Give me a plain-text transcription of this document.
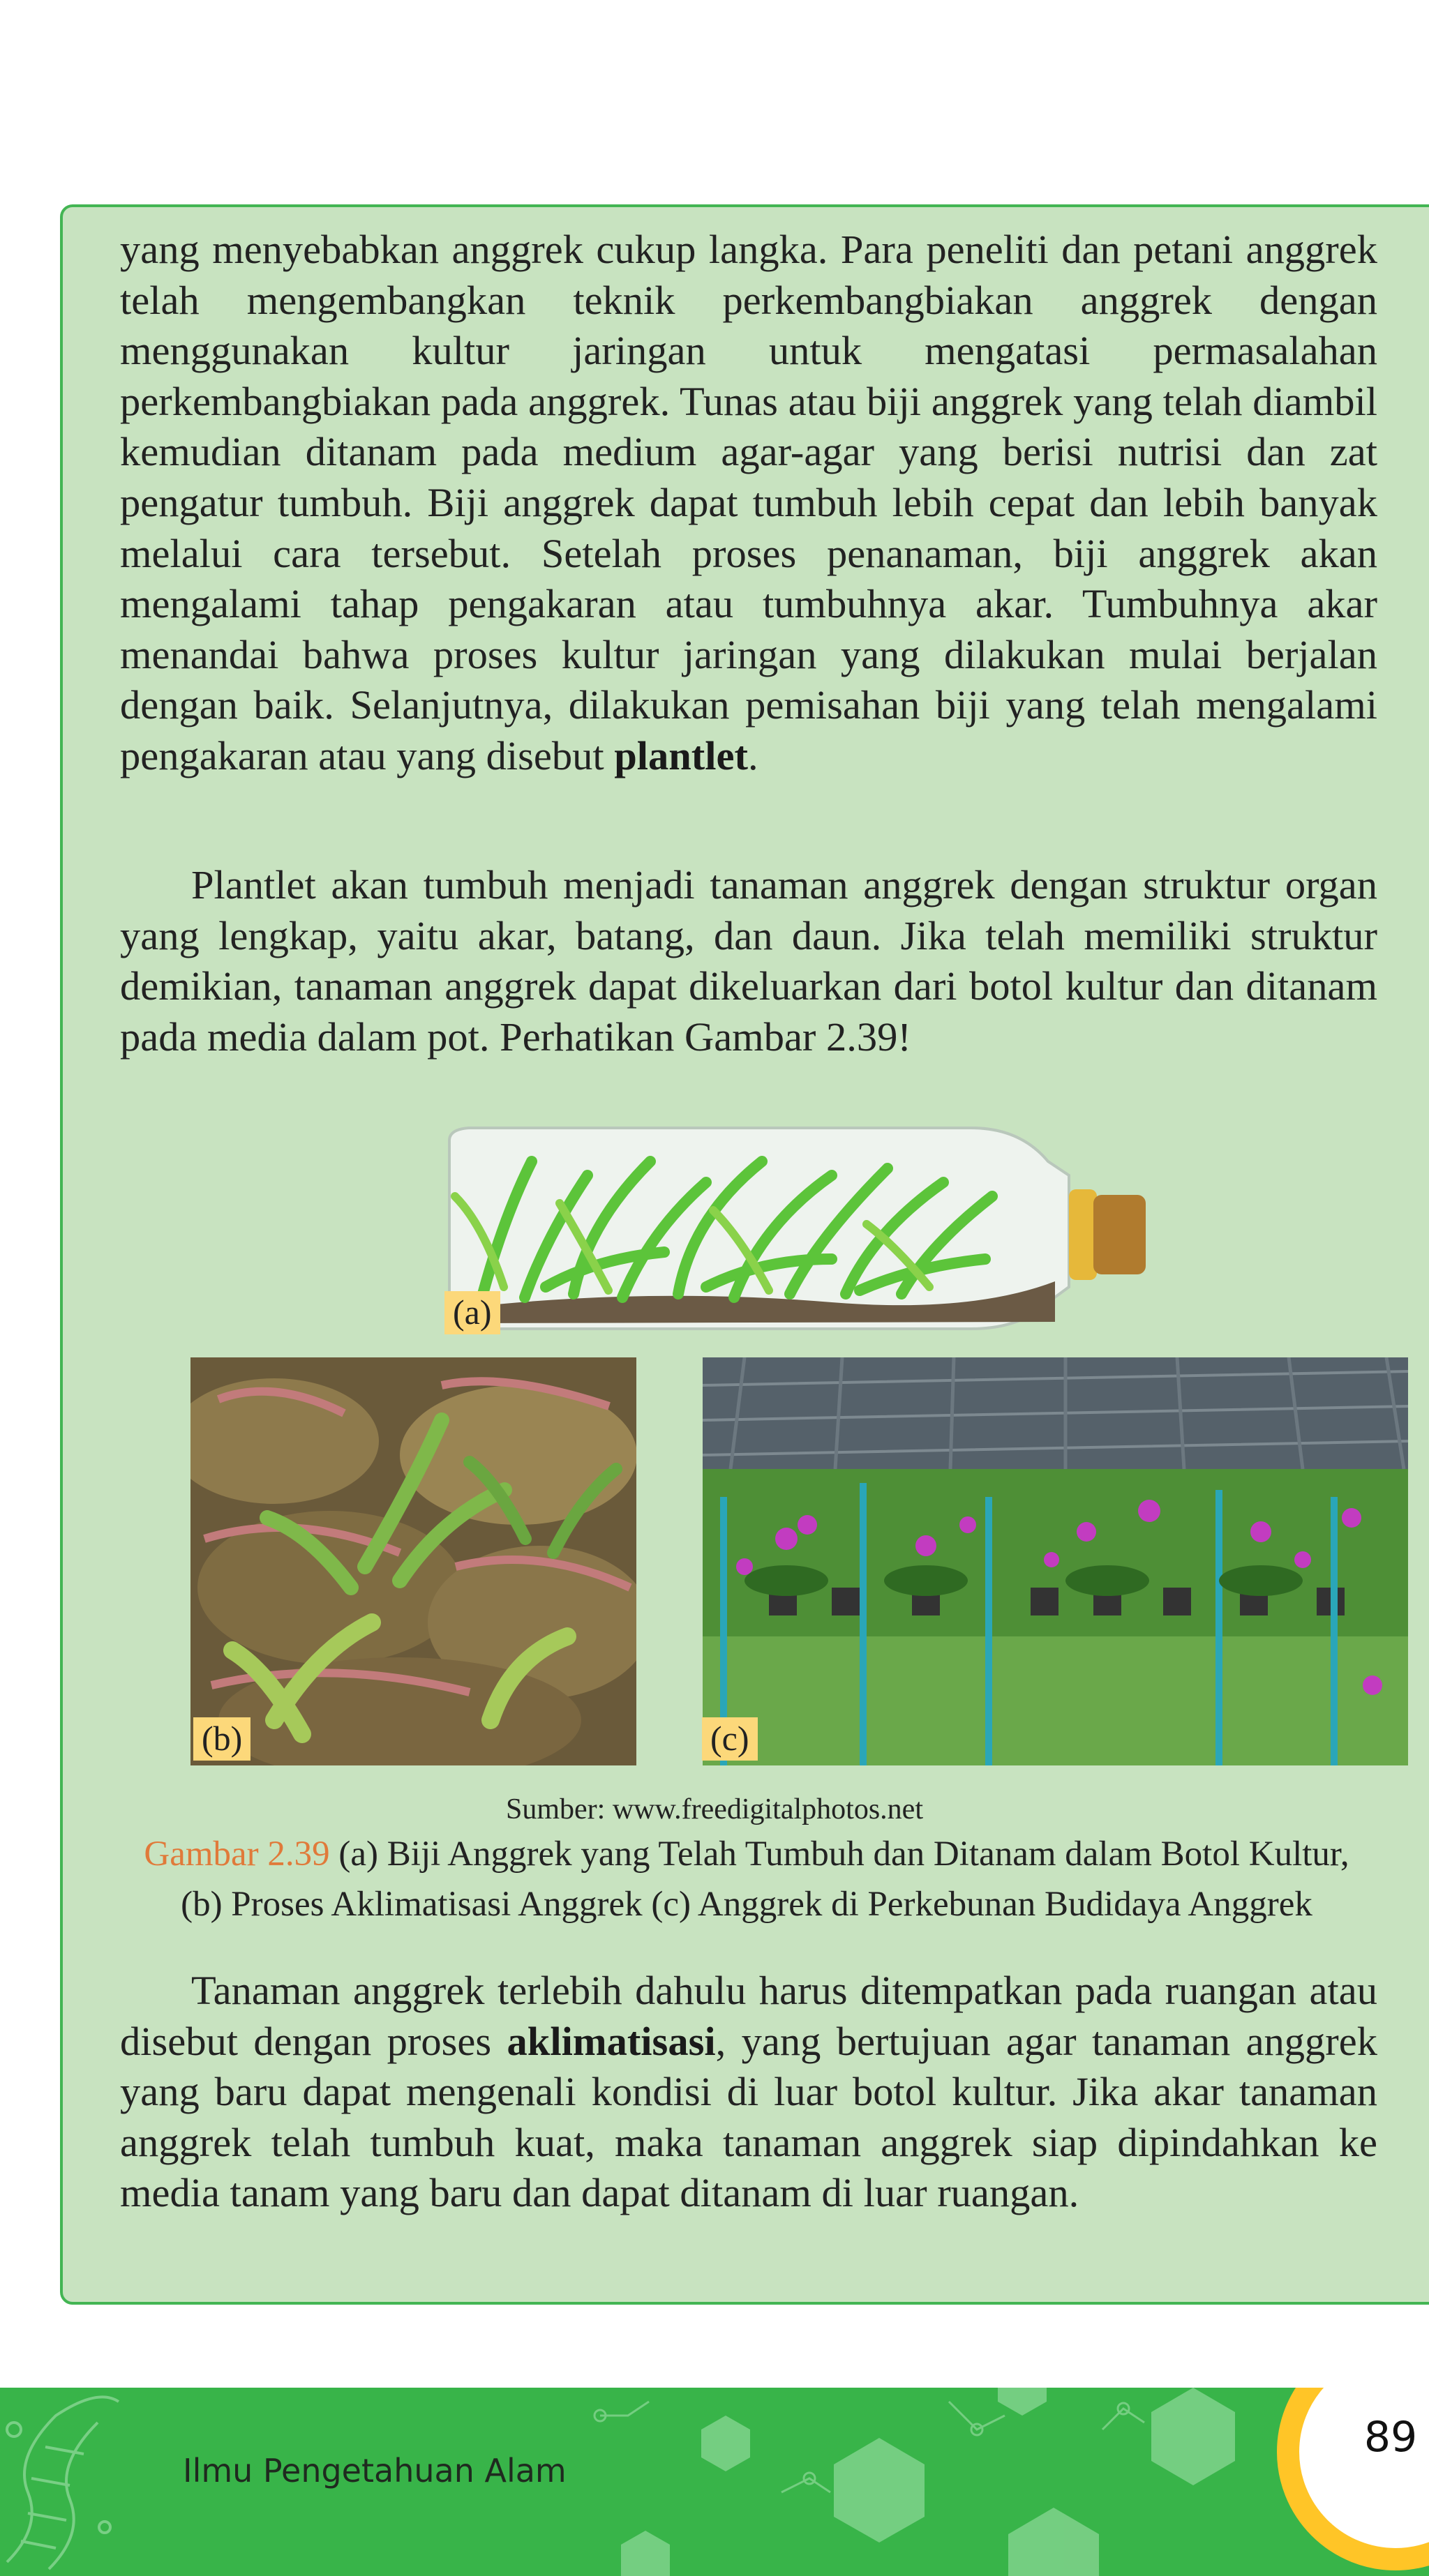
yang menyebabkan anggrek cukup langka. Para peneliti dan petani anggrek telah mengembangkan teknik perkembangbiakan anggrek dengan menggunakan kultur jaringan untuk mengatasi permasalahan perkembangbiakan pada anggrek. Tunas atau biji anggrek yang telah diambil kemudian ditanam pada medium agar-agar yang berisi nutrisi dan zat pengatur tumbuh. Biji anggrek dapat tumbuh lebih cepat dan lebih banyak melalui cara tersebut. Setelah proses penanaman, biji anggrek akan mengalami tahap pengakaran atau tumbuhnya akar. Tumbuhnya akar menandai bahwa proses kultur jaringan yang dilakukan mulai berjalan dengan baik. Selanjutnya, dilakukan pemisahan biji yang telah mengalami pengakaran atau yang disebut plantlet.

Plantlet akan tumbuh menjadi tanaman anggrek dengan struktur organ yang lengkap, yaitu akar, batang, dan daun. Jika telah memiliki struktur demikian, tanaman anggrek dapat dikeluarkan dari botol kultur dan ditanam pada media dalam pot. Perhatikan Gambar 2.39!

(a)
(b)	(c)
Sumber: www.freedigitalphotos.net
Gambar 2.39 (a) Biji Anggrek yang Telah Tumbuh dan Ditanam dalam Botol Kultur,
(b) Proses Aklimatisasi Anggrek (c) Anggrek di Perkebunan Budidaya Anggrek

Tanaman anggrek terlebih dahulu harus ditempatkan pada ruangan atau disebut dengan proses aklimatisasi, yang bertujuan agar tanaman anggrek yang baru dapat mengenali kondisi di luar botol kultur. Jika akar tanaman anggrek telah tumbuh kuat, maka tanaman anggrek siap dipindahkan ke media tanam yang baru dan dapat ditanam di luar ruangan.

Ilmu Pengetahuan Alam
89
